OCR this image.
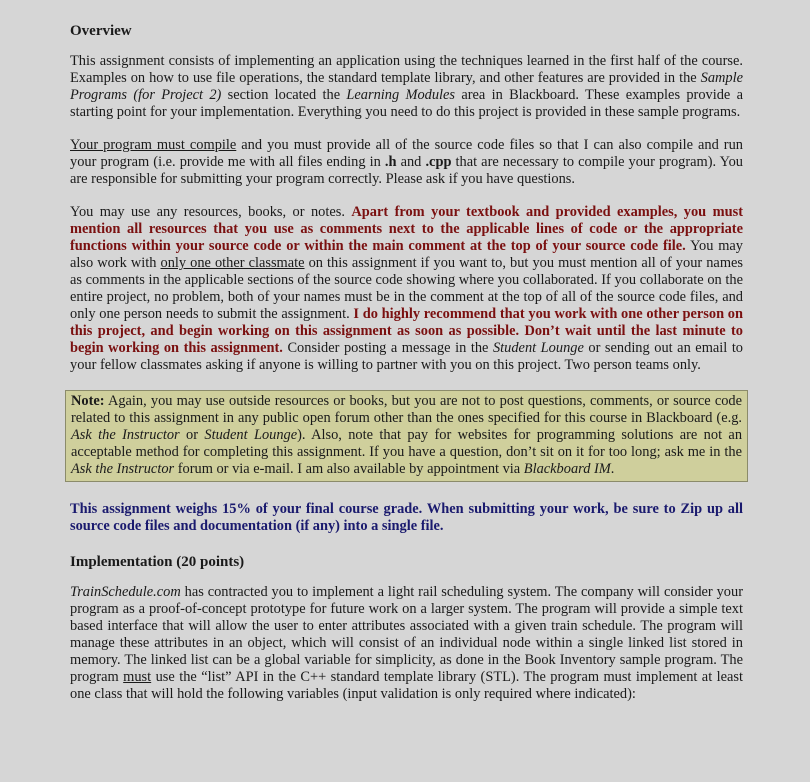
Overview

This assignment consists of implementing an application using the techniques learned in the first half of the course. Examples on how to use file operations, the standard template library, and other features are provided in the Sample Programs (for Project 2) section located the Learning Modules area in Blackboard. These examples provide a starting point for your implementation. Everything you need to do this project is provided in these sample programs.

Your program must compile and you must provide all of the source code files so that I can also compile and run your program (i.e. provide me with all files ending in .h and .cpp that are necessary to compile your program). You are responsible for submitting your program correctly. Please ask if you have questions.

You may use any resources, books, or notes. Apart from your textbook and provided examples, you must mention all resources that you use as comments next to the applicable lines of code or the appropriate functions within your source code or within the main comment at the top of your source code file. You may also work with only one other classmate on this assignment if you want to, but you must mention all of your names as comments in the applicable sections of the source code showing where you collaborated. If you collaborate on the entire project, no problem, both of your names must be in the comment at the top of all of the source code files, and only one person needs to submit the assignment. I do highly recommend that you work with one other person on this project, and begin working on this assignment as soon as possible. Don’t wait until the last minute to begin working on this assignment. Consider posting a message in the Student Lounge or sending out an email to your fellow classmates asking if anyone is willing to partner with you on this project. Two person teams only.

Note: Again, you may use outside resources or books, but you are not to post questions, comments, or source code related to this assignment in any public open forum other than the ones specified for this course in Blackboard (e.g. Ask the Instructor or Student Lounge). Also, note that pay for websites for programming solutions are not an acceptable method for completing this assignment. If you have a question, don’t sit on it for too long; ask me in the Ask the Instructor forum or via e-mail. I am also available by appointment via Blackboard IM.

This assignment weighs 15% of your final course grade. When submitting your work, be sure to Zip up all source code files and documentation (if any) into a single file.

Implementation (20 points)

TrainSchedule.com has contracted you to implement a light rail scheduling system. The company will consider your program as a proof-of-concept prototype for future work on a larger system. The program will provide a simple text based interface that will allow the user to enter attributes associated with a given train schedule. The program will manage these attributes in an object, which will consist of an individual node within a single linked list stored in memory. The linked list can be a global variable for simplicity, as done in the Book Inventory sample program. The program must use the “list” API in the C++ standard template library (STL). The program must implement at least one class that will hold the following variables (input validation is only required where indicated):
